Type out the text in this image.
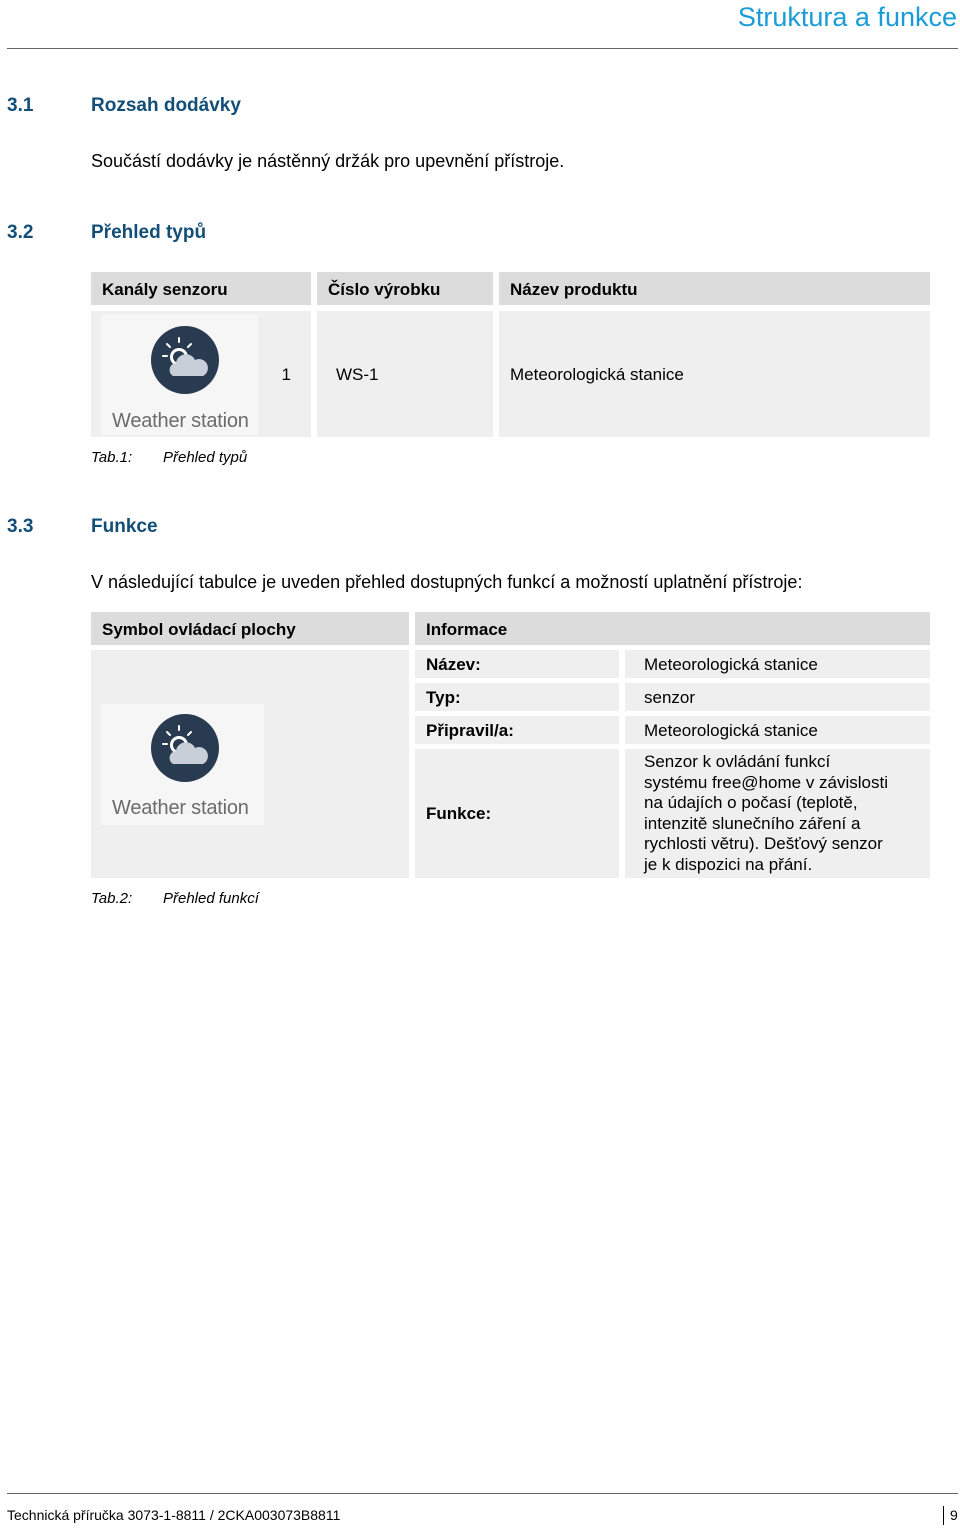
Struktura a funkce
3.1	Rozsah dodávky
Součástí dodávky je nástěnný držák pro upevnění přístroje.
3.2	Přehled typů
Kanály senzoru	Číslo výrobku	Název produktu
Weather station
1	WS-1	Meteorologická stanice
Tab.1: Přehled typů
3.3	Funkce
V následující tabulce je uveden přehled dostupných funkcí a možností uplatnění přístroje:
Symbol ovládací plochy	Informace
Weather station
Název:	Meteorologická stanice
Typ:	senzor
Připravil/a:	Meteorologická stanice
Funkce:
Senzor k ovládání funkcí
systému free@home v závislosti
na údajích o počasí (teplotě,
intenzitě slunečního záření a
rychlosti větru). Dešťový senzor
je k dispozici na přání.
Tab.2: Přehled funkcí
Technická příručka 3073-1-8811 / 2CKA003073B8811	9
